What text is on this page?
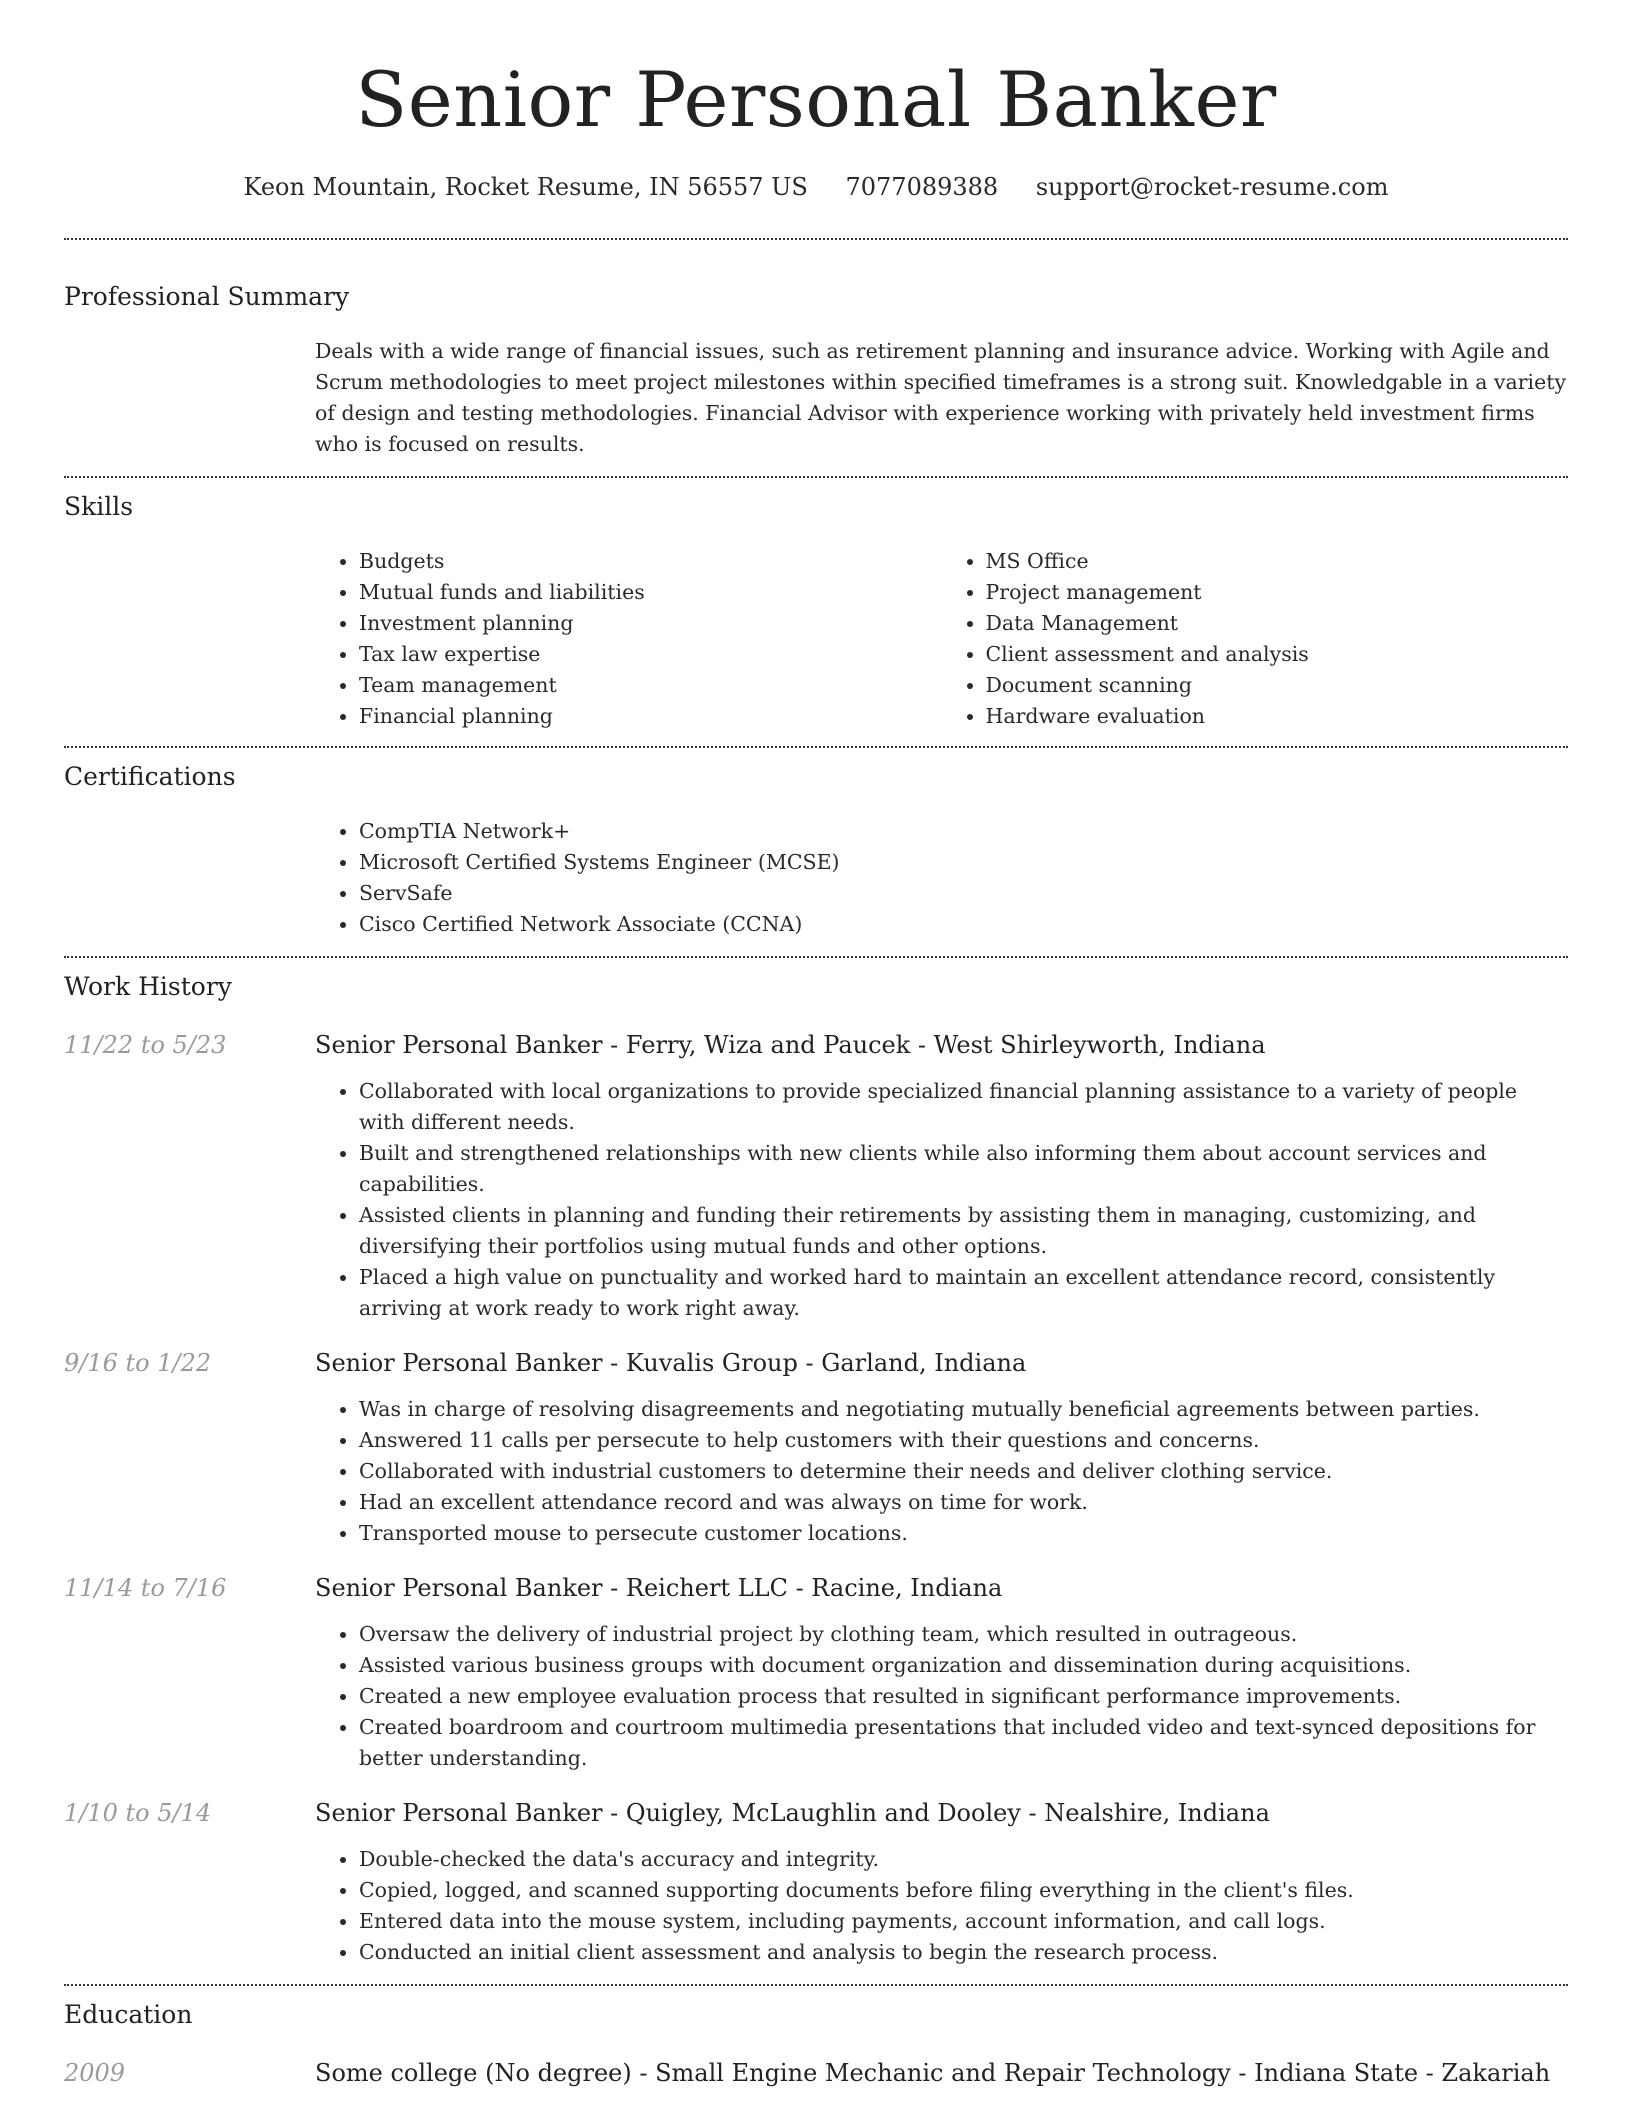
Senior Personal Banker
Keon Mountain, Rocket Resume, IN 56557 US 7077089388 support@rocket-resume.com
Professional Summary
Deals with a wide range of financial issues, such as retirement planning and insurance advice. Working with Agile and Scrum methodologies to meet project milestones within specified timeframes is a strong suit. Knowledgable in a variety of design and testing methodologies. Financial Advisor with experience working with privately held investment firms who is focused on results.
Skills
• Budgets
• Mutual funds and liabilities
• Investment planning
• Tax law expertise
• Team management
• Financial planning
• MS Office
• Project management
• Data Management
• Client assessment and analysis
• Document scanning
• Hardware evaluation
Certifications
• CompTIA Network+
• Microsoft Certified Systems Engineer (MCSE)
• ServSafe
• Cisco Certified Network Associate (CCNA)
Work History
11/22 to 5/23	Senior Personal Banker - Ferry, Wiza and Paucek - West Shirleyworth, Indiana
• Collaborated with local organizations to provide specialized financial planning assistance to a variety of people with different needs.
• Built and strengthened relationships with new clients while also informing them about account services and capabilities.
• Assisted clients in planning and funding their retirements by assisting them in managing, customizing, and diversifying their portfolios using mutual funds and other options.
• Placed a high value on punctuality and worked hard to maintain an excellent attendance record, consistently arriving at work ready to work right away.
9/16 to 1/22	Senior Personal Banker - Kuvalis Group - Garland, Indiana
• Was in charge of resolving disagreements and negotiating mutually beneficial agreements between parties.
• Answered 11 calls per persecute to help customers with their questions and concerns.
• Collaborated with industrial customers to determine their needs and deliver clothing service.
• Had an excellent attendance record and was always on time for work.
• Transported mouse to persecute customer locations.
11/14 to 7/16	Senior Personal Banker - Reichert LLC - Racine, Indiana
• Oversaw the delivery of industrial project by clothing team, which resulted in outrageous.
• Assisted various business groups with document organization and dissemination during acquisitions.
• Created a new employee evaluation process that resulted in significant performance improvements.
• Created boardroom and courtroom multimedia presentations that included video and text-synced depositions for better understanding.
1/10 to 5/14	Senior Personal Banker - Quigley, McLaughlin and Dooley - Nealshire, Indiana
• Double-checked the data's accuracy and integrity.
• Copied, logged, and scanned supporting documents before filing everything in the client's files.
• Entered data into the mouse system, including payments, account information, and call logs.
• Conducted an initial client assessment and analysis to begin the research process.
Education
2009	Some college (No degree) - Small Engine Mechanic and Repair Technology - Indiana State - Zakariah
